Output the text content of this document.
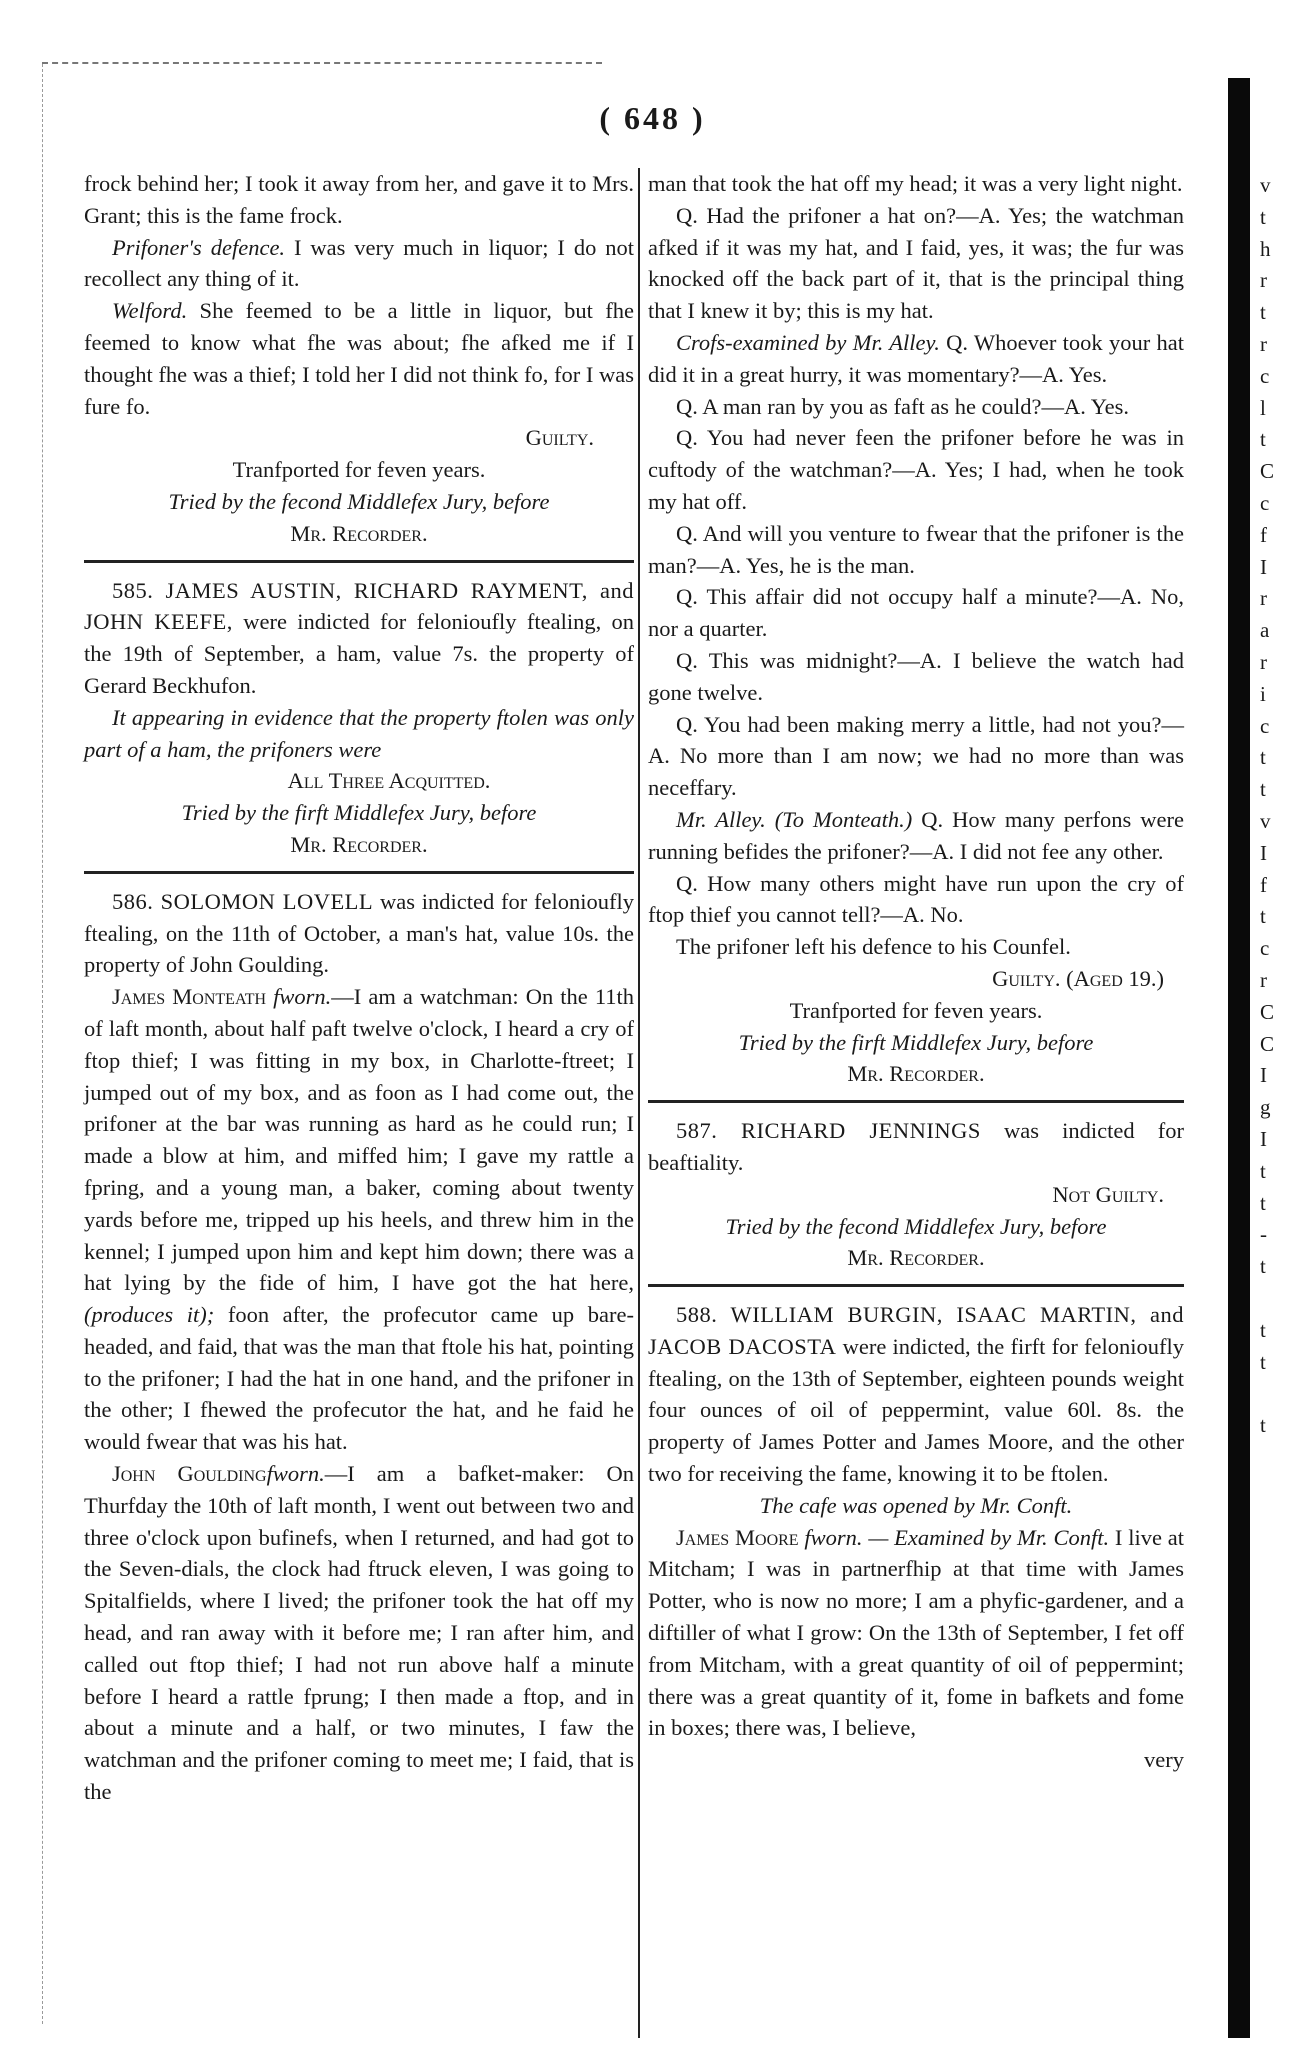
( 648 )

frock behind her; I took it away from her, and gave it to Mrs. Grant; this is the fame frock.

Prifoner's defence. I was very much in liquor; I do not recollect any thing of it.

Welford. She feemed to be a little in liquor, but fhe feemed to know what fhe was about; fhe afked me if I thought fhe was a thief; I told her I did not think fo, for I was fure fo.

Guilty.

Tranfported for feven years.

Tried by the fecond Middlefex Jury, before

Mr. Recorder.

585. JAMES AUSTIN, RICHARD RAYMENT, and JOHN KEEFE, were indicted for felonioufly ftealing, on the 19th of September, a ham, value 7s. the property of Gerard Beckhufon.

It appearing in evidence that the property ftolen was only part of a ham, the prifoners were

All Three Acquitted.

Tried by the firft Middlefex Jury, before

Mr. Recorder.

586. SOLOMON LOVELL was indicted for felonioufly ftealing, on the 11th of October, a man's hat, value 10s. the property of John Goulding.

James Monteath fworn.—I am a watchman: On the 11th of laft month, about half paft twelve o'clock, I heard a cry of ftop thief; I was fitting in my box, in Charlotte-ftreet; I jumped out of my box, and as foon as I had come out, the prifoner at the bar was running as hard as he could run; I made a blow at him, and miffed him; I gave my rattle a fpring, and a young man, a baker, coming about twenty yards before me, tripped up his heels, and threw him in the kennel; I jumped upon him and kept him down; there was a hat lying by the fide of him, I have got the hat here, (produces it); foon after, the profecutor came up bare-headed, and faid, that was the man that ftole his hat, pointing to the prifoner; I had the hat in one hand, and the prifoner in the other; I fhewed the profecutor the hat, and he faid he would fwear that was his hat.

John Gouldingfworn.—I am a bafket-maker: On Thurfday the 10th of laft month, I went out between two and three o'clock upon bufinefs, when I returned, and had got to the Seven-dials, the clock had ftruck eleven, I was going to Spitalfields, where I lived; the prifoner took the hat off my head, and ran away with it before me; I ran after him, and called out ftop thief; I had not run above half a minute before I heard a rattle fprung; I then made a ftop, and in about a minute and a half, or two minutes, I faw the watchman and the prifoner coming to meet me; I faid, that is the

man that took the hat off my head; it was a very light night.

Q. Had the prifoner a hat on?—A. Yes; the watchman afked if it was my hat, and I faid, yes, it was; the fur was knocked off the back part of it, that is the principal thing that I knew it by; this is my hat.

Crofs-examined by Mr. Alley. Q. Whoever took your hat did it in a great hurry, it was momentary?—A. Yes.

Q. A man ran by you as faft as he could?—A. Yes.

Q. You had never feen the prifoner before he was in cuftody of the watchman?—A. Yes; I had, when he took my hat off.

Q. And will you venture to fwear that the prifoner is the man?—A. Yes, he is the man.

Q. This affair did not occupy half a minute?—A. No, nor a quarter.

Q. This was midnight?—A. I believe the watch had gone twelve.

Q. You had been making merry a little, had not you?—A. No more than I am now; we had no more than was neceffary.

Mr. Alley. (To Monteath.) Q. How many perfons were running befides the prifoner?—A. I did not fee any other.

Q. How many others might have run upon the cry of ftop thief you cannot tell?—A. No.

The prifoner left his defence to his Counfel.

Guilty. (Aged 19.)

Tranfported for feven years.

Tried by the firft Middlefex Jury, before

Mr. Recorder.

587. RICHARD JENNINGS was indicted for beaftiality.

Not Guilty.

Tried by the fecond Middlefex Jury, before

Mr. Recorder.

588. WILLIAM BURGIN, ISAAC MARTIN, and JACOB DACOSTA were indicted, the firft for felonioufly ftealing, on the 13th of September, eighteen pounds weight four ounces of oil of peppermint, value 60l. 8s. the property of James Potter and James Moore, and the other two for receiving the fame, knowing it to be ftolen.

The cafe was opened by Mr. Conft.

James Moore fworn. — Examined by Mr. Conft. I live at Mitcham; I was in partnerfhip at that time with James Potter, who is now no more; I am a phyfic-gardener, and a diftiller of what I grow: On the 13th of September, I fet off from Mitcham, with a great quantity of oil of peppermint; there was a great quantity of it, fome in bafkets and fome in boxes; there was, I believe,

very

v
t
h
r
t
r
c
l
t
C
c
f
I
r
a
r
i
c
t
t
v
I
f
t
c
r
C
C
I
g
I
t
t
-
t
t
t
t
